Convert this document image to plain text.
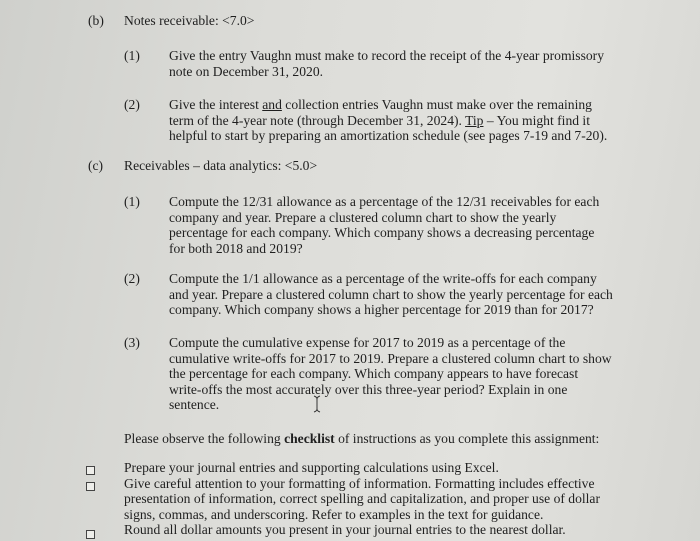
(b) Notes receivable: <7.0>
(1) Give the entry Vaughn must make to record the receipt of the 4-year promissory
note on December 31, 2020.
(2) Give the interest and collection entries Vaughn must make over the remaining
term of the 4-year note (through December 31, 2024). Tip – You might find it
helpful to start by preparing an amortization schedule (see pages 7-19 and 7-20).
(c) Receivables – data analytics: <5.0>
(1) Compute the 12/31 allowance as a percentage of the 12/31 receivables for each
company and year. Prepare a clustered column chart to show the yearly
percentage for each company. Which company shows a decreasing percentage
for both 2018 and 2019?
(2) Compute the 1/1 allowance as a percentage of the write-offs for each company
and year. Prepare a clustered column chart to show the yearly percentage for each
company. Which company shows a higher percentage for 2019 than for 2017?
(3) Compute the cumulative expense for 2017 to 2019 as a percentage of the
cumulative write-offs for 2017 to 2019. Prepare a clustered column chart to show
the percentage for each company. Which company appears to have forecast
write-offs the most accurately over this three-year period? Explain in one
sentence.
Please observe the following checklist of instructions as you complete this assignment:
Prepare your journal entries and supporting calculations using Excel.
Give careful attention to your formatting of information. Formatting includes effective
presentation of information, correct spelling and capitalization, and proper use of dollar
signs, commas, and underscoring. Refer to examples in the text for guidance.
Round all dollar amounts you present in your journal entries to the nearest dollar.
